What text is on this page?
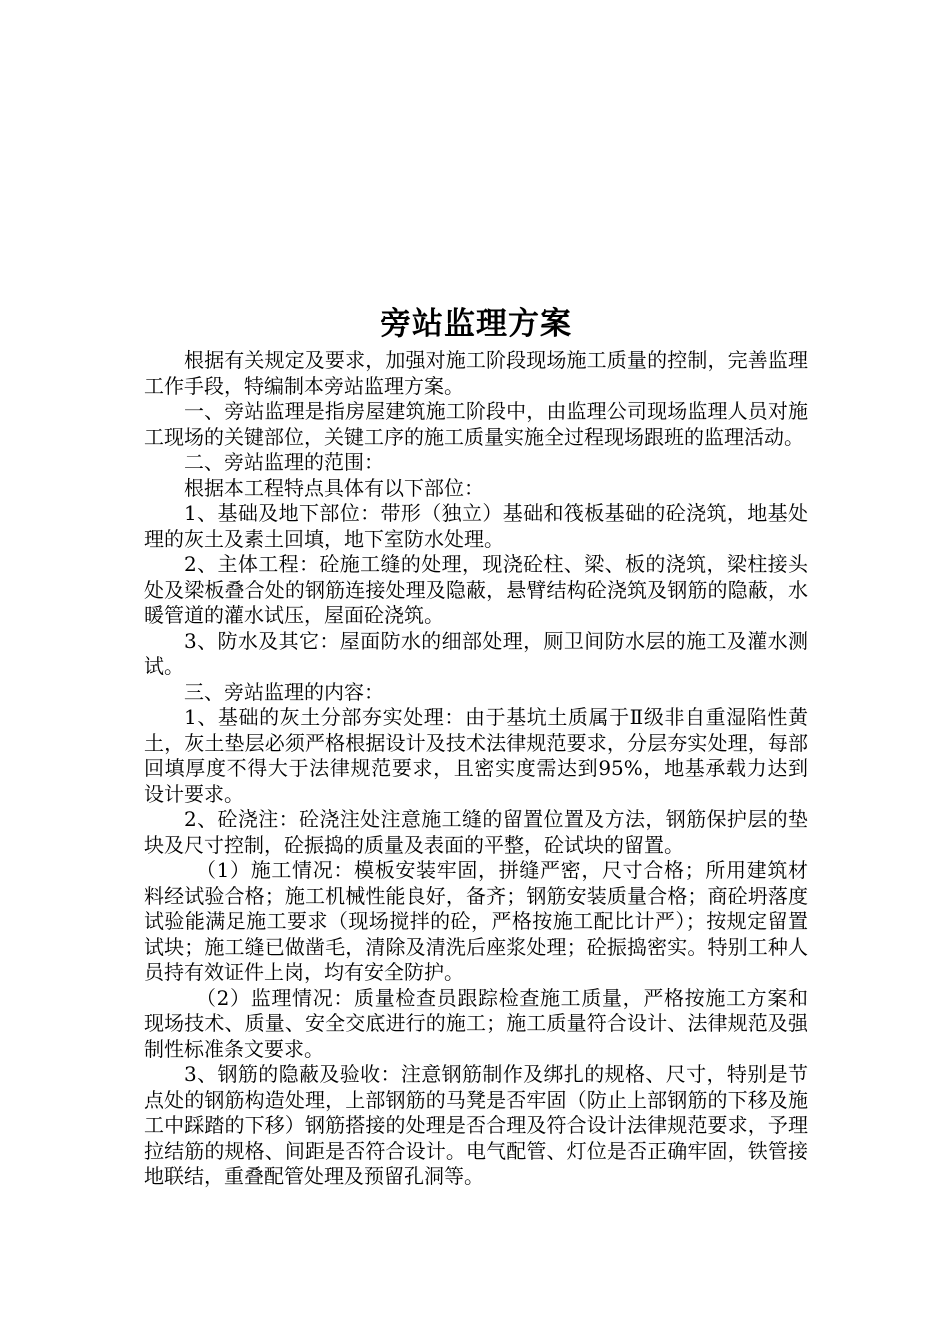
旁站监理方案

根据有关规定及要求，加强对施工阶段现场施工质量的控制，完善监理工作手段，特编制本旁站监理方案。

一、旁站监理是指房屋建筑施工阶段中，由监理公司现场监理人员对施工现场的关键部位，关键工序的施工质量实施全过程现场跟班的监理活动。

二、旁站监理的范围：

根据本工程特点具体有以下部位：

1、基础及地下部位：带形（独立）基础和筏板基础的砼浇筑，地基处理的灰土及素土回填，地下室防水处理。

2、主体工程：砼施工缝的处理，现浇砼柱、梁、板的浇筑，梁柱接头处及梁板叠合处的钢筋连接处理及隐蔽，悬臂结构砼浇筑及钢筋的隐蔽，水暖管道的灌水试压，屋面砼浇筑。

3、防水及其它：屋面防水的细部处理，厕卫间防水层的施工及灌水测试。

三、旁站监理的内容：

1、基础的灰土分部夯实处理：由于基坑土质属于Ⅱ级非自重湿陷性黄土，灰土垫层必须严格根据设计及技术法律规范要求，分层夯实处理，每部回填厚度不得大于法律规范要求，且密实度需达到95%，地基承载力达到设计要求。

2、砼浇注：砼浇注处注意施工缝的留置位置及方法，钢筋保护层的垫块及尺寸控制，砼振捣的质量及表面的平整，砼试块的留置。

（1）施工情况：模板安装牢固，拼缝严密，尺寸合格；所用建筑材料经试验合格；施工机械性能良好，备齐；钢筋安装质量合格；商砼坍落度试验能满足施工要求（现场搅拌的砼，严格按施工配比计严）；按规定留置试块；施工缝已做凿毛，清除及清洗后座浆处理；砼振捣密实。特别工种人员持有效证件上岗，均有安全防护。

（2）监理情况：质量检查员跟踪检查施工质量，严格按施工方案和现场技术、质量、安全交底进行的施工；施工质量符合设计、法律规范及强制性标准条文要求。

3、钢筋的隐蔽及验收：注意钢筋制作及绑扎的规格、尺寸，特别是节点处的钢筋构造处理，上部钢筋的马凳是否牢固（防止上部钢筋的下移及施工中踩踏的下移）钢筋搭接的处理是否合理及符合设计法律规范要求，予理拉结筋的规格、间距是否符合设计。电气配管、灯位是否正确牢固，铁管接地联结，重叠配管处理及预留孔洞等。
